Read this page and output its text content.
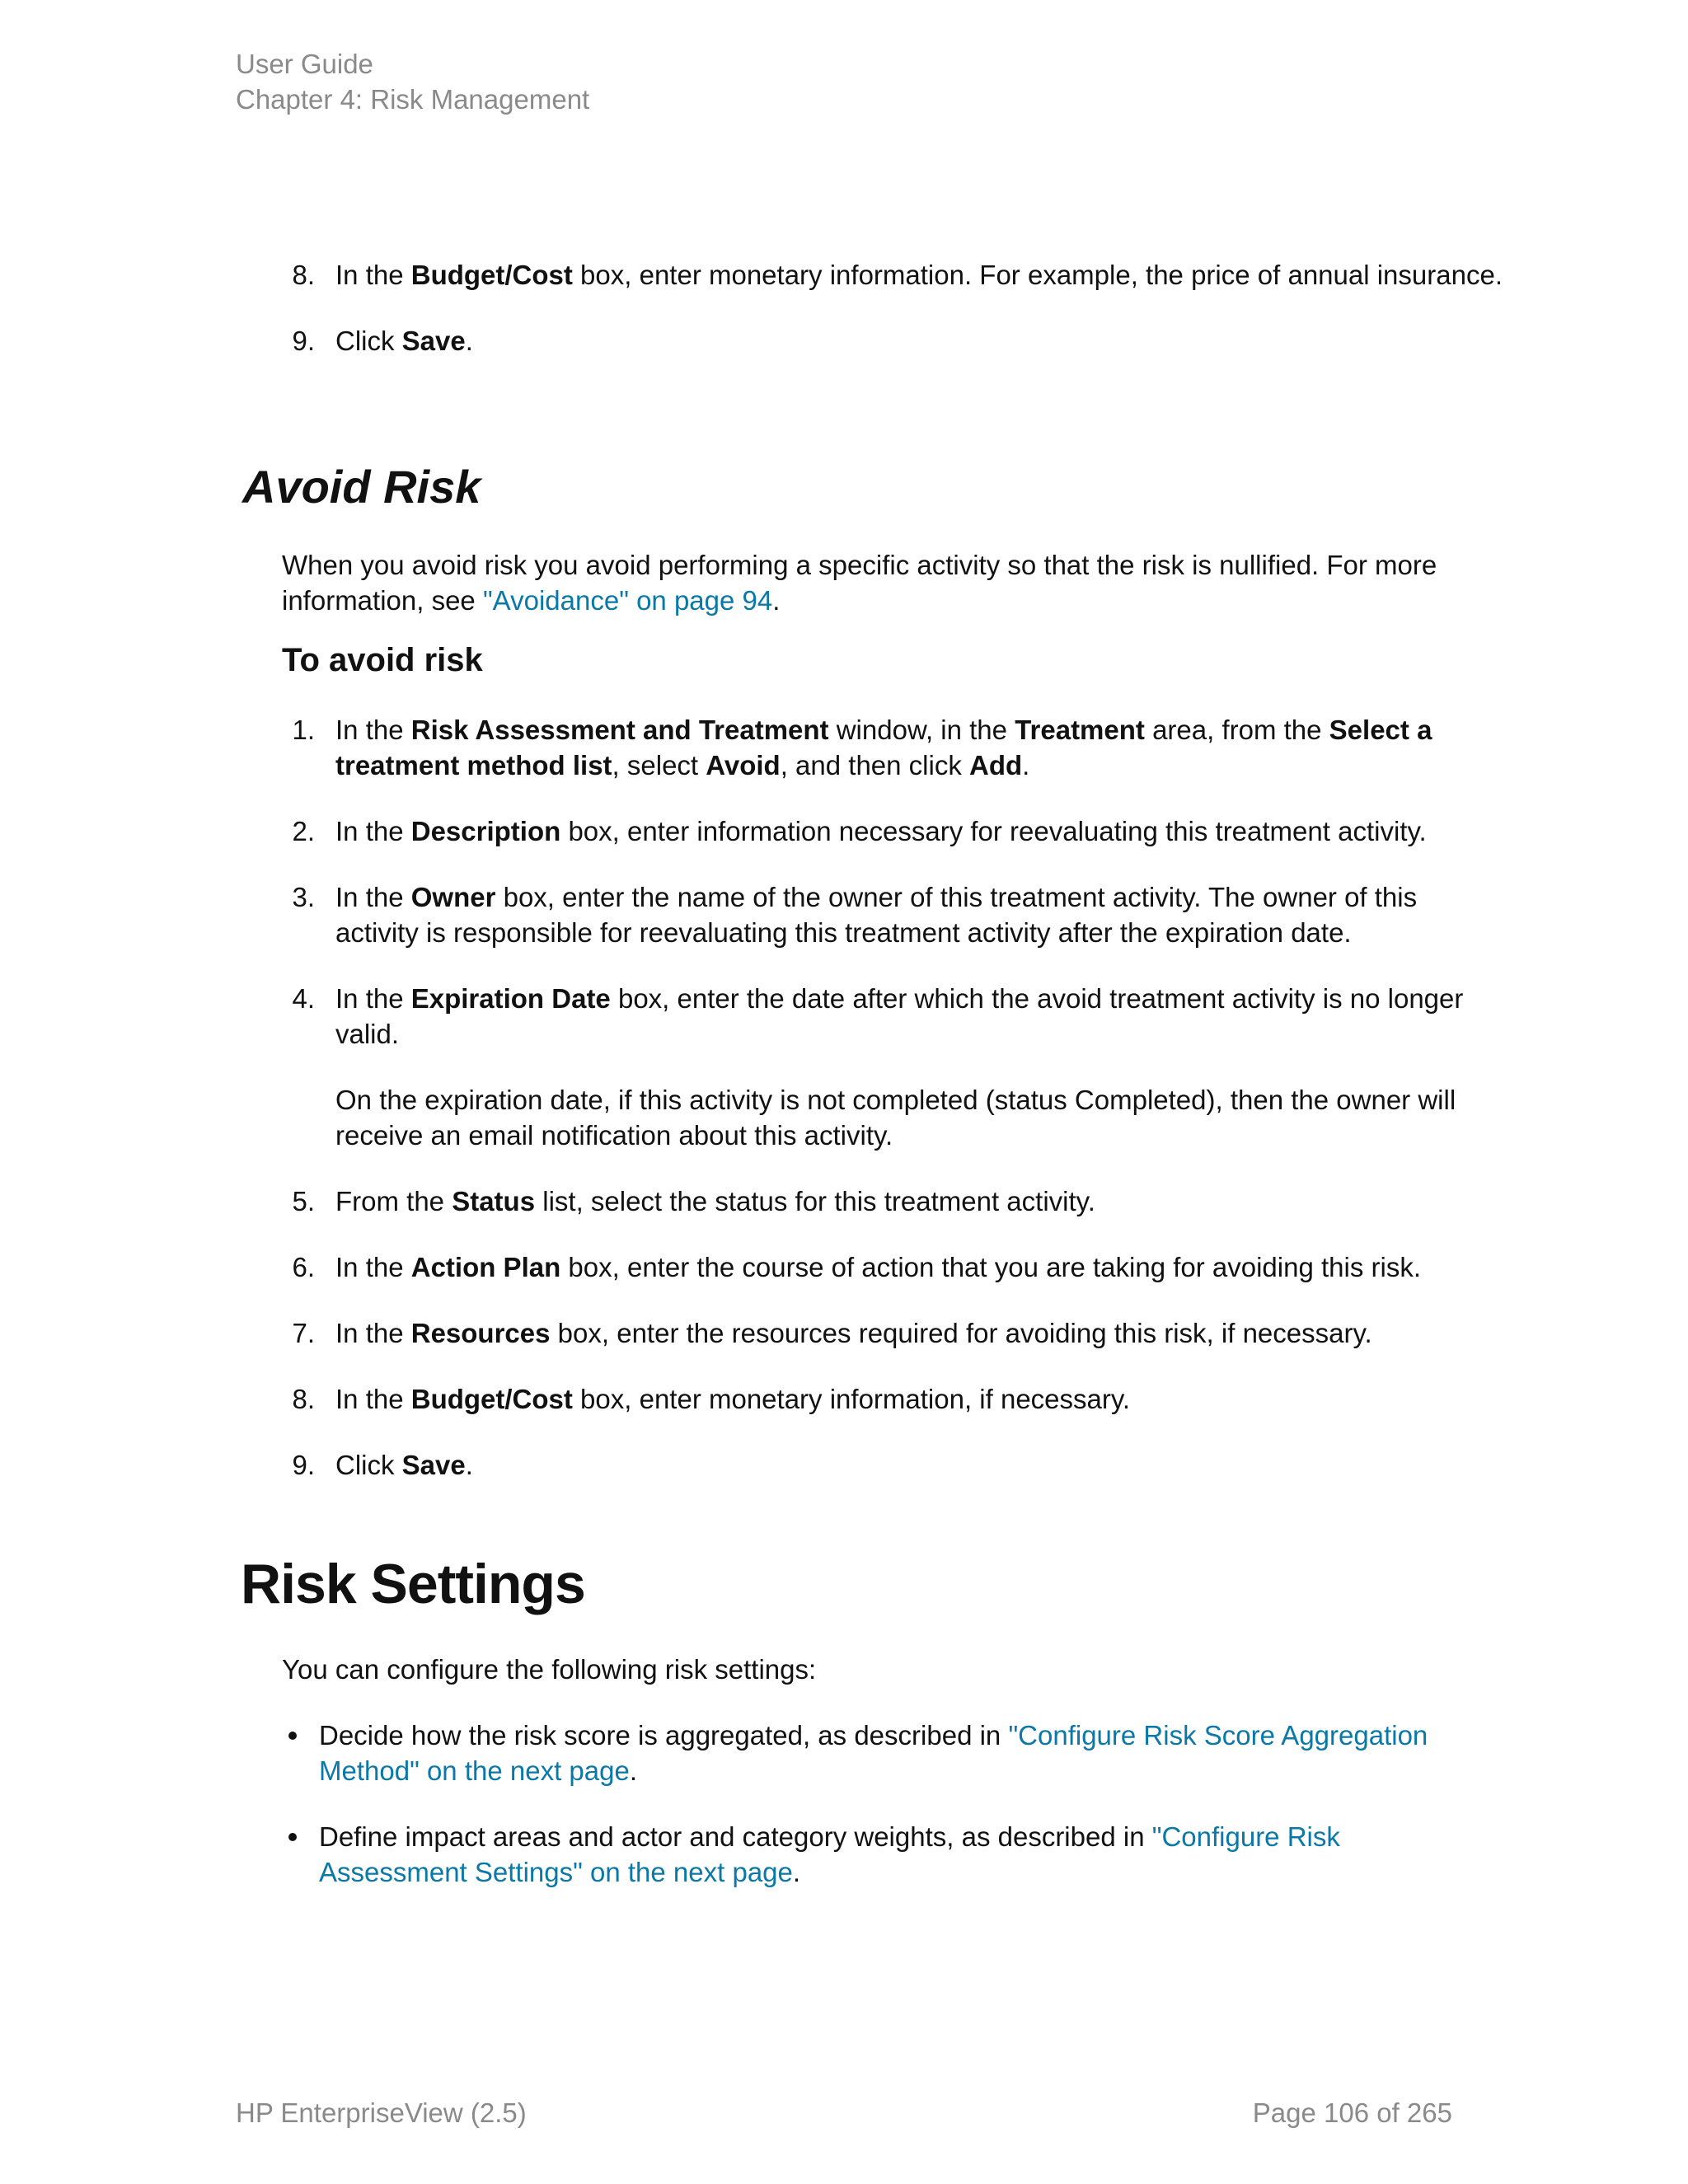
User Guide
Chapter 4: Risk Management
8. In the Budget/Cost box, enter monetary information. For example, the price of annual insurance.
9. Click Save.
Avoid Risk
When you avoid risk you avoid performing a specific activity so that the risk is nullified. For more information, see "Avoidance" on page 94.
To avoid risk
1. In the Risk Assessment and Treatment window, in the Treatment area, from the Select a treatment method list, select Avoid, and then click Add.
2. In the Description box, enter information necessary for reevaluating this treatment activity.
3. In the Owner box, enter the name of the owner of this treatment activity. The owner of this activity is responsible for reevaluating this treatment activity after the expiration date.
4. In the Expiration Date box, enter the date after which the avoid treatment activity is no longer valid.
On the expiration date, if this activity is not completed (status Completed), then the owner will receive an email notification about this activity.
5. From the Status list, select the status for this treatment activity.
6. In the Action Plan box, enter the course of action that you are taking for avoiding this risk.
7. In the Resources box, enter the resources required for avoiding this risk, if necessary.
8. In the Budget/Cost box, enter monetary information, if necessary.
9. Click Save.
Risk Settings
You can configure the following risk settings:
Decide how the risk score is aggregated, as described in "Configure Risk Score Aggregation Method" on the next page.
Define impact areas and actor and category weights, as described in "Configure Risk Assessment Settings" on the next page.
HP EnterpriseView (2.5)	Page 106 of 265
